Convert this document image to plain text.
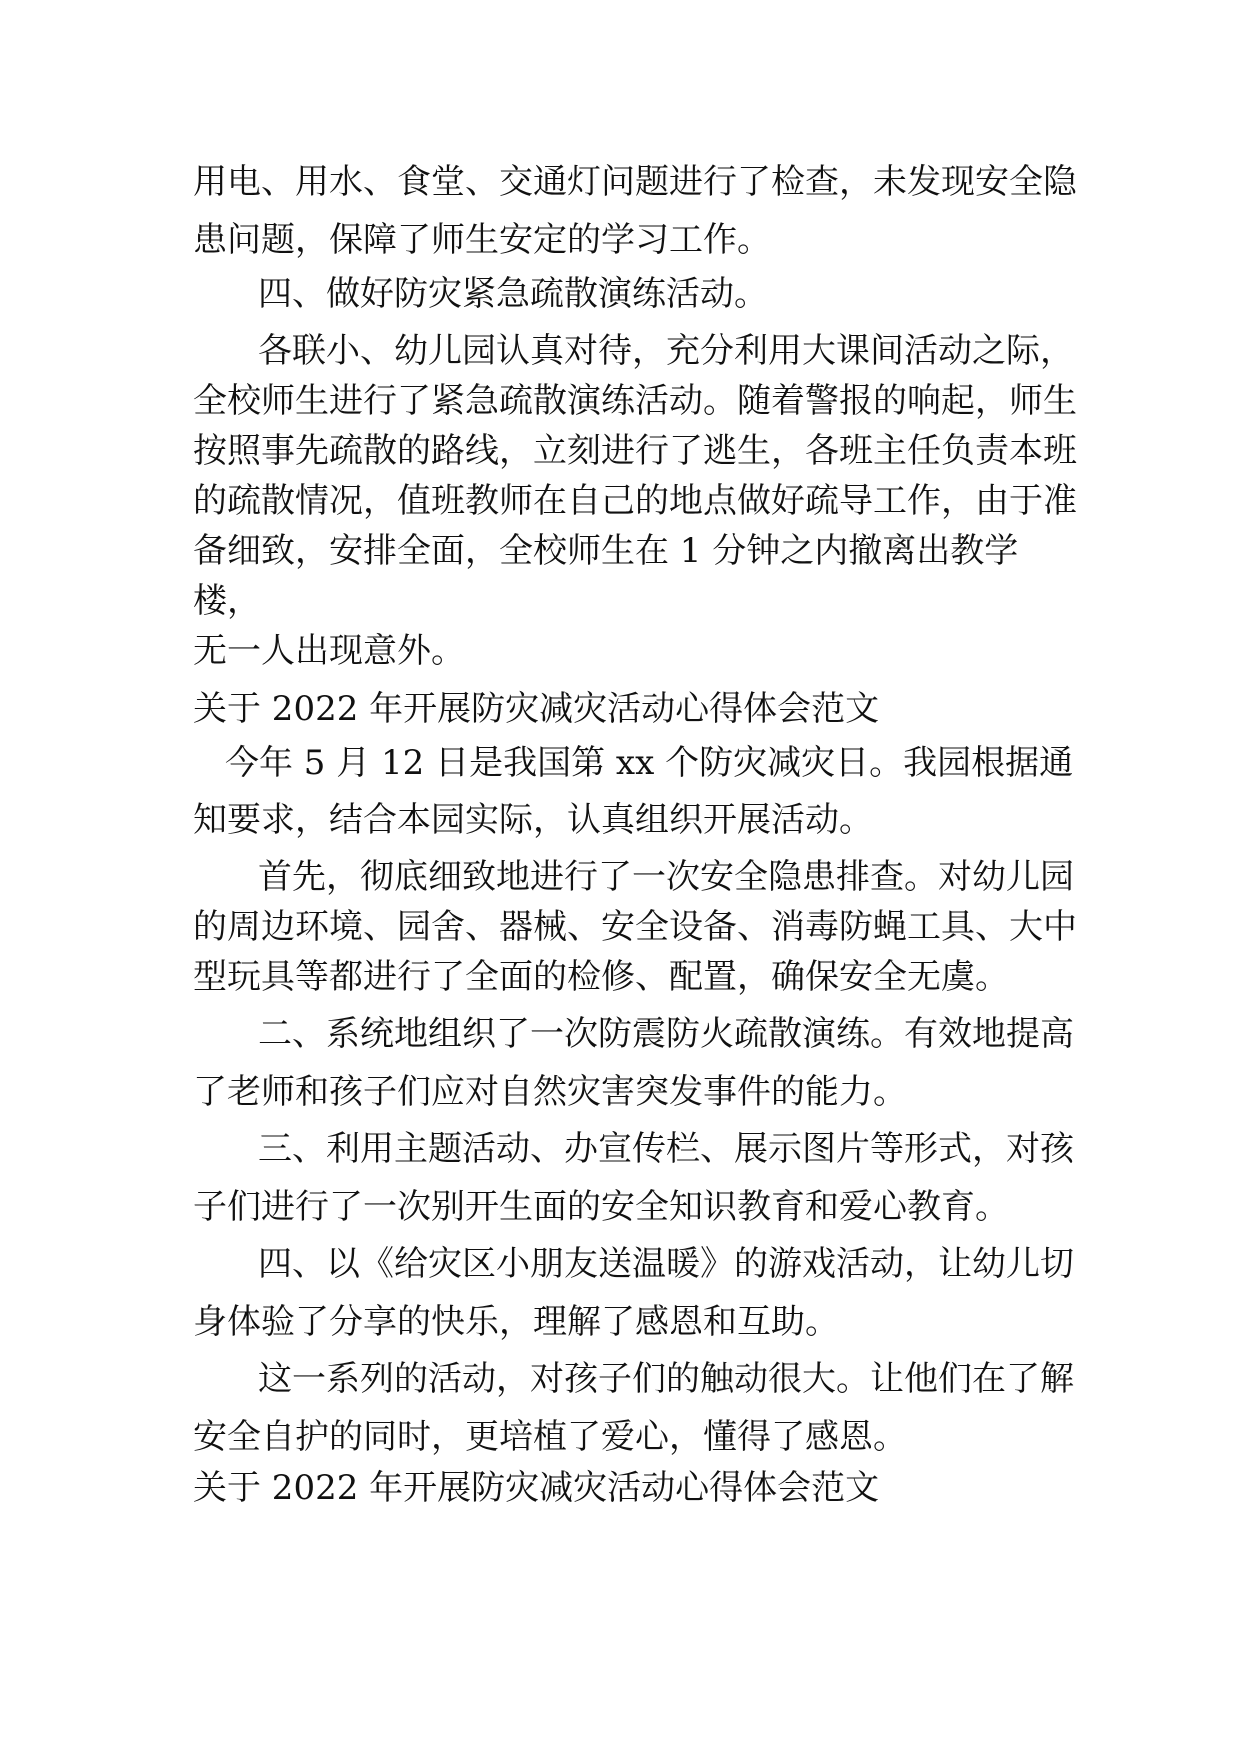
用电、用水、食堂、交通灯问题进行了检查，未发现安全隐
患问题，保障了师生安定的学习工作。
四、做好防灾紧急疏散演练活动。
各联小、幼儿园认真对待，充分利用大课间活动之际，
全校师生进行了紧急疏散演练活动。随着警报的响起，师生
按照事先疏散的路线，立刻进行了逃生，各班主任负责本班
的疏散情况，值班教师在自己的地点做好疏导工作，由于准
备细致，安排全面，全校师生在 1 分钟之内撤离出教学
楼，
无一人出现意外。
关于 2022 年开展防灾减灾活动心得体会范文
今年 5 月 12 日是我国第 xx 个防灾减灾日。我园根据通
知要求，结合本园实际，认真组织开展活动。
首先，彻底细致地进行了一次安全隐患排查。对幼儿园
的周边环境、园舍、器械、安全设备、消毒防蝇工具、大中
型玩具等都进行了全面的检修、配置，确保安全无虞。
二、系统地组织了一次防震防火疏散演练。有效地提高
了老师和孩子们应对自然灾害突发事件的能力。
三、利用主题活动、办宣传栏、展示图片等形式，对孩
子们进行了一次别开生面的安全知识教育和爱心教育。
四、以《给灾区小朋友送温暖》的游戏活动，让幼儿切
身体验了分享的快乐，理解了感恩和互助。
这一系列的活动，对孩子们的触动很大。让他们在了解
安全自护的同时，更培植了爱心，懂得了感恩。
关于 2022 年开展防灾减灾活动心得体会范文
